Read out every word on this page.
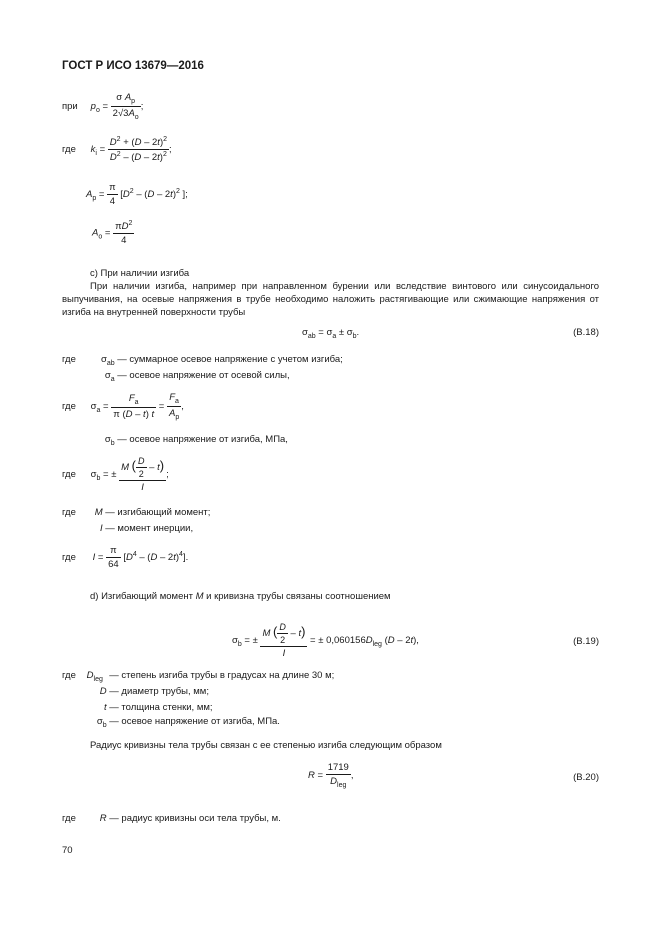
ГОСТ Р ИСО 13679—2016
при $p_o = \frac{\sigma A_p}{2√3A_o}$ ;
где $k_i = \frac{D^2 + (D - 2t)^2}{D^2 - (D - 2t)^2}$ ;
$A_p = \frac{\pi}{4} [D^2 - (D - 2t)^2$ ];
$A_o = \frac{\pi D^2}{4}$
c) При наличии изгиба
При наличии изгиба, например при направленном бурении или вследствие винтового или синусоидального выпучивания, на осевые напряжения в трубе необходимо наложить растягивающие или сжимающие напряжения от изгиба на внутренней поверхности трубы
$\sigma_{ab} = \sigma_a \pm \sigma_b$.	(B.18)
где	$\sigma_{ab}$ — суммарное осевое напряжение с учетом изгиба;
$\sigma_a$ — осевое напряжение от осевой силы,
где $\sigma_a = \frac{F_a}{\pi (D - t) t} = \frac{F_a}{A_p}$ ,
$\sigma_b$ — осевое напряжение от изгиба, МПа,
где $\sigma_b$ = ± $\frac{M ( \frac{D}{2} - t)}{I}$ ;
где M — изгибающий момент;
I — момент инерции,
где $I = \frac{\pi}{64} [D^4 - (D - 2t)^4]$.
d) Изгибающий момент M и кривизна трубы связаны соотношением
$\sigma_b$ = ± $\frac{M ( \frac{D}{2} - t)}{I}$ = ± $0,060156D_{leg}$ (D – 2t),	(B.19)
где $D_{leg}$ — степень изгиба трубы в градусах на длине 30 м;
D — диаметр трубы, мм;
t — толщина стенки, мм;
$\sigma_b$ — осевое напряжение от изгиба, МПа.
Радиус кривизны тела трубы связан с ее степенью изгиба следующим образом
$R = \frac{1719}{D_{leg}}$ ,	(B.20)
где	R — радиус кривизны оси тела трубы, м.
70
